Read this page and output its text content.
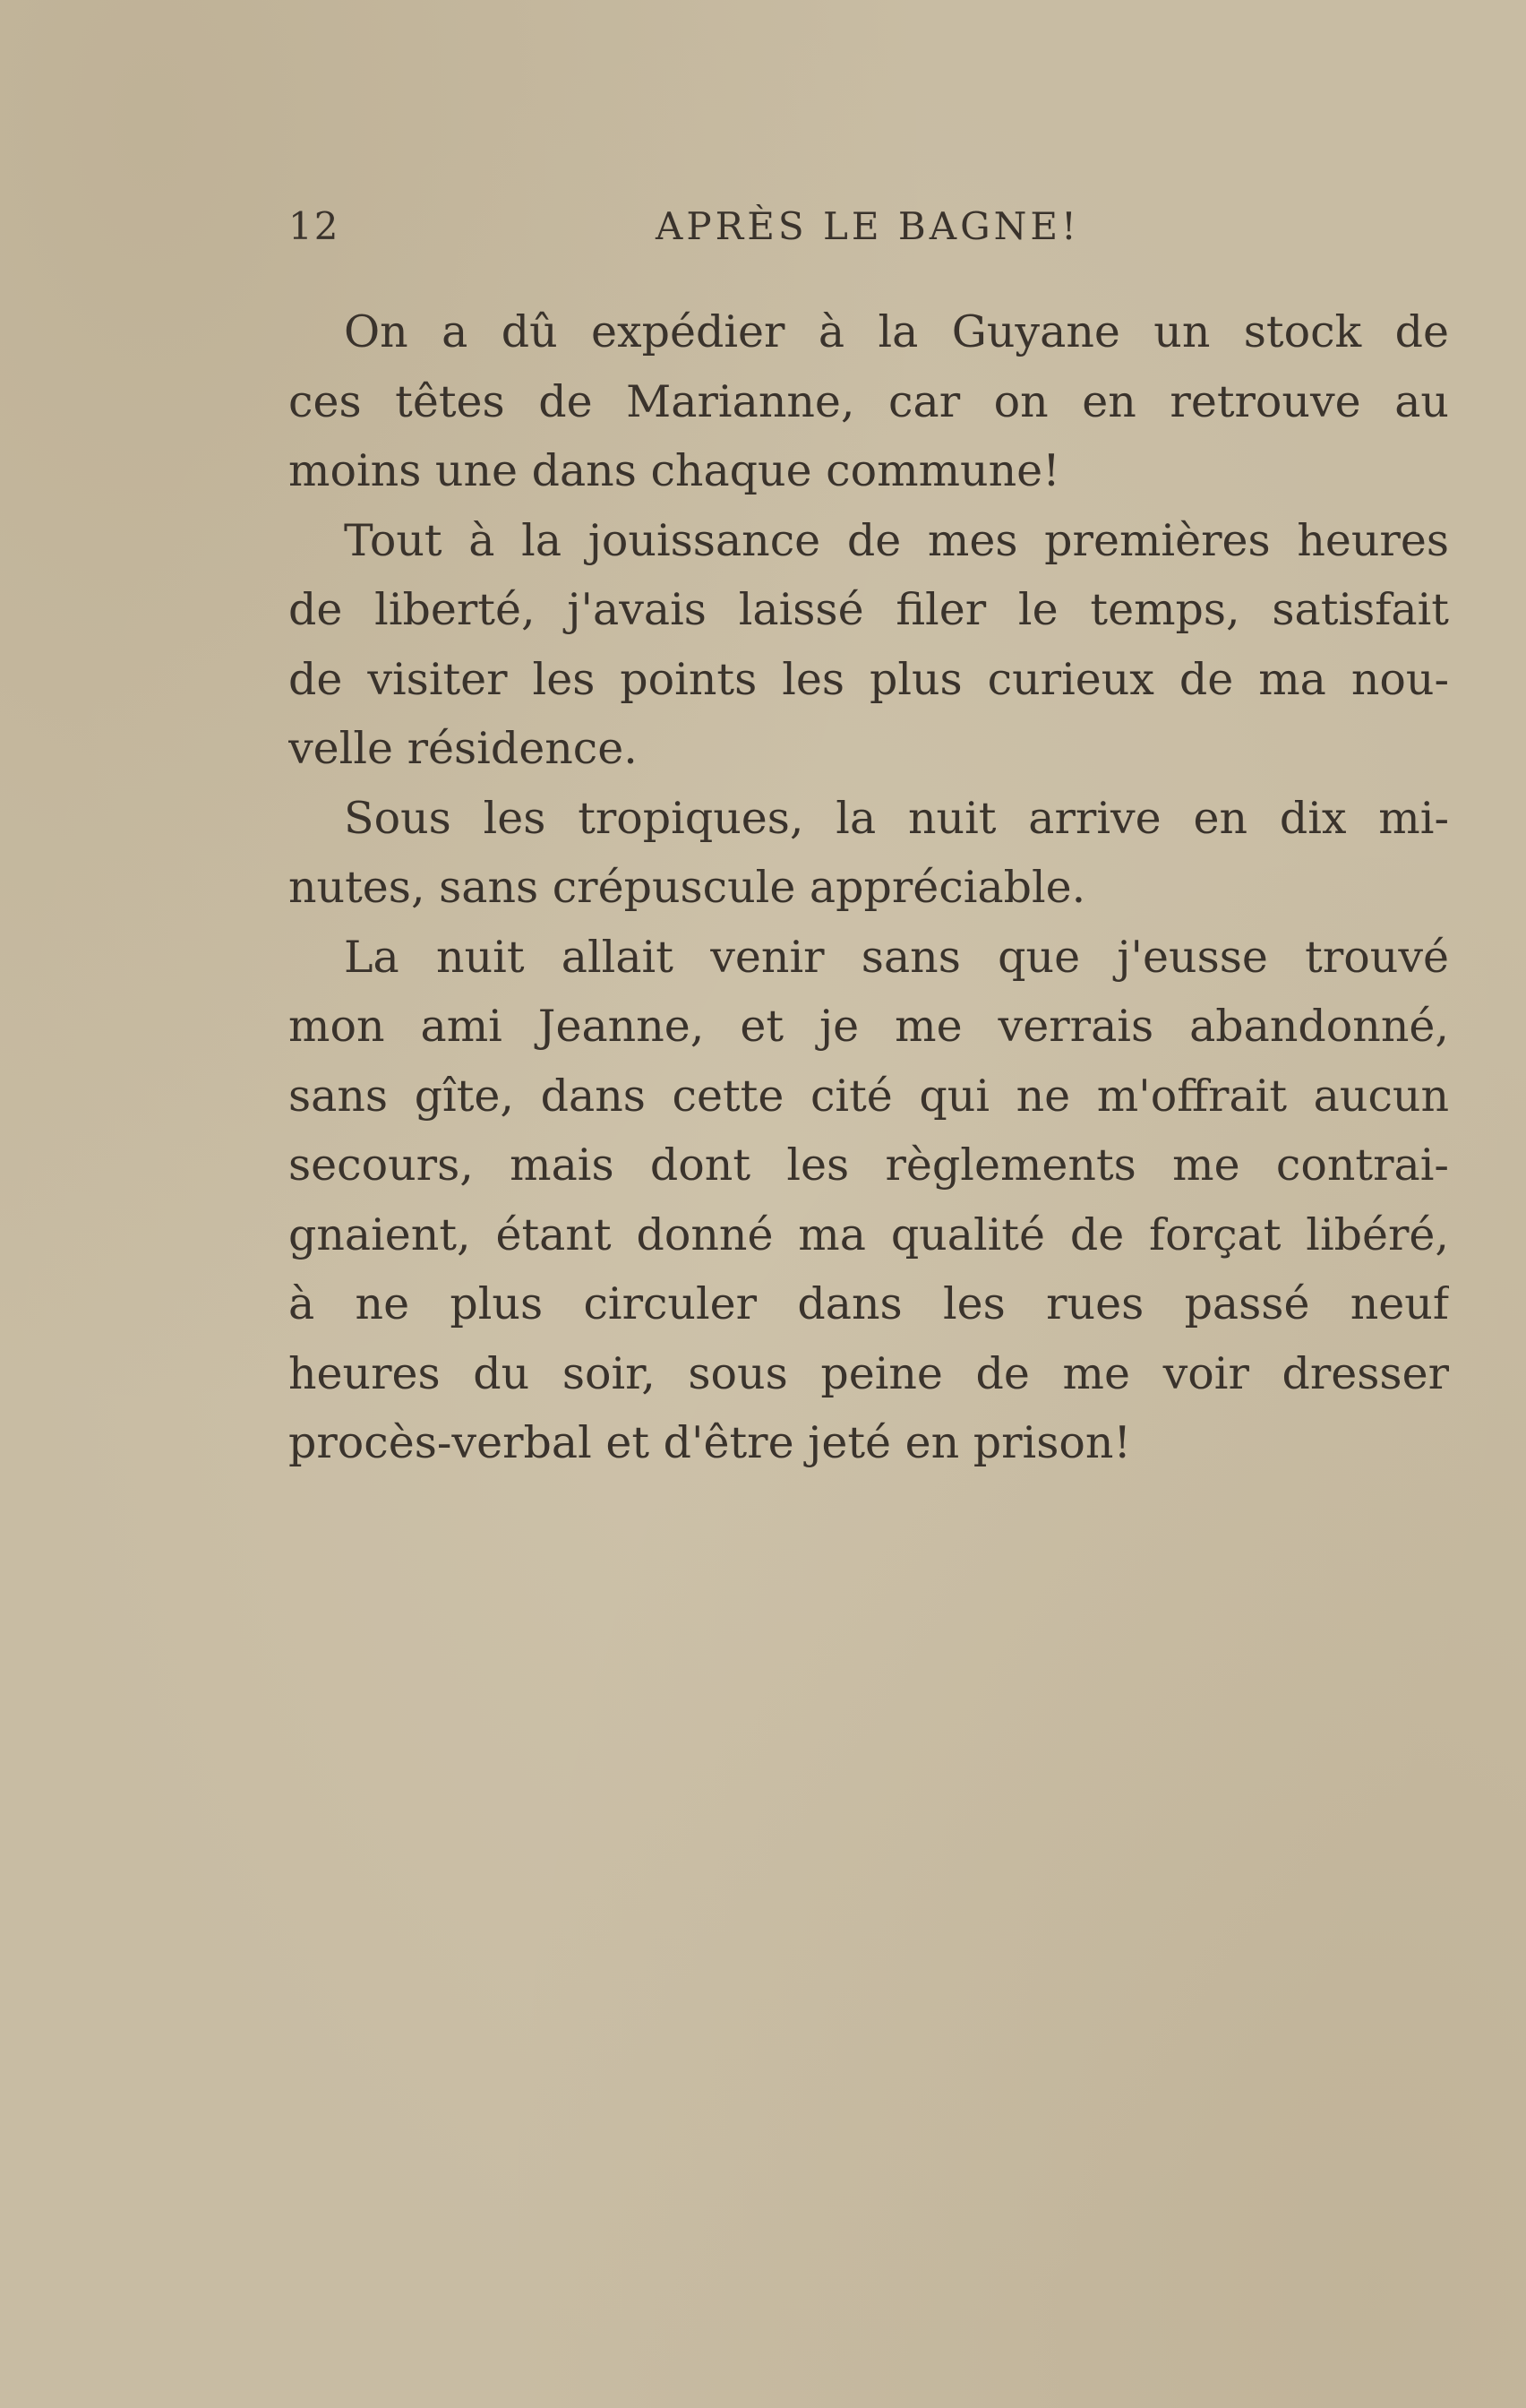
12	APRÈS LE BAGNE!
On a dû expédier à la Guyane un stock de
ces têtes de Marianne, car on en retrouve au
moins une dans chaque commune!
Tout à la jouissance de mes premières heures
de liberté, j'avais laissé filer le temps, satisfait
de visiter les points les plus curieux de ma nou-
velle résidence.
Sous les tropiques, la nuit arrive en dix mi-
nutes, sans crépuscule appréciable.
La nuit allait venir sans que j'eusse trouvé
mon ami Jeanne, et je me verrais abandonné,
sans gîte, dans cette cité qui ne m'offrait aucun
secours, mais dont les règlements me contrai-
gnaient, étant donné ma qualité de forçat libéré,
à ne plus circuler dans les rues passé neuf
heures du soir, sous peine de me voir dresser
procès-verbal et d'être jeté en prison!
